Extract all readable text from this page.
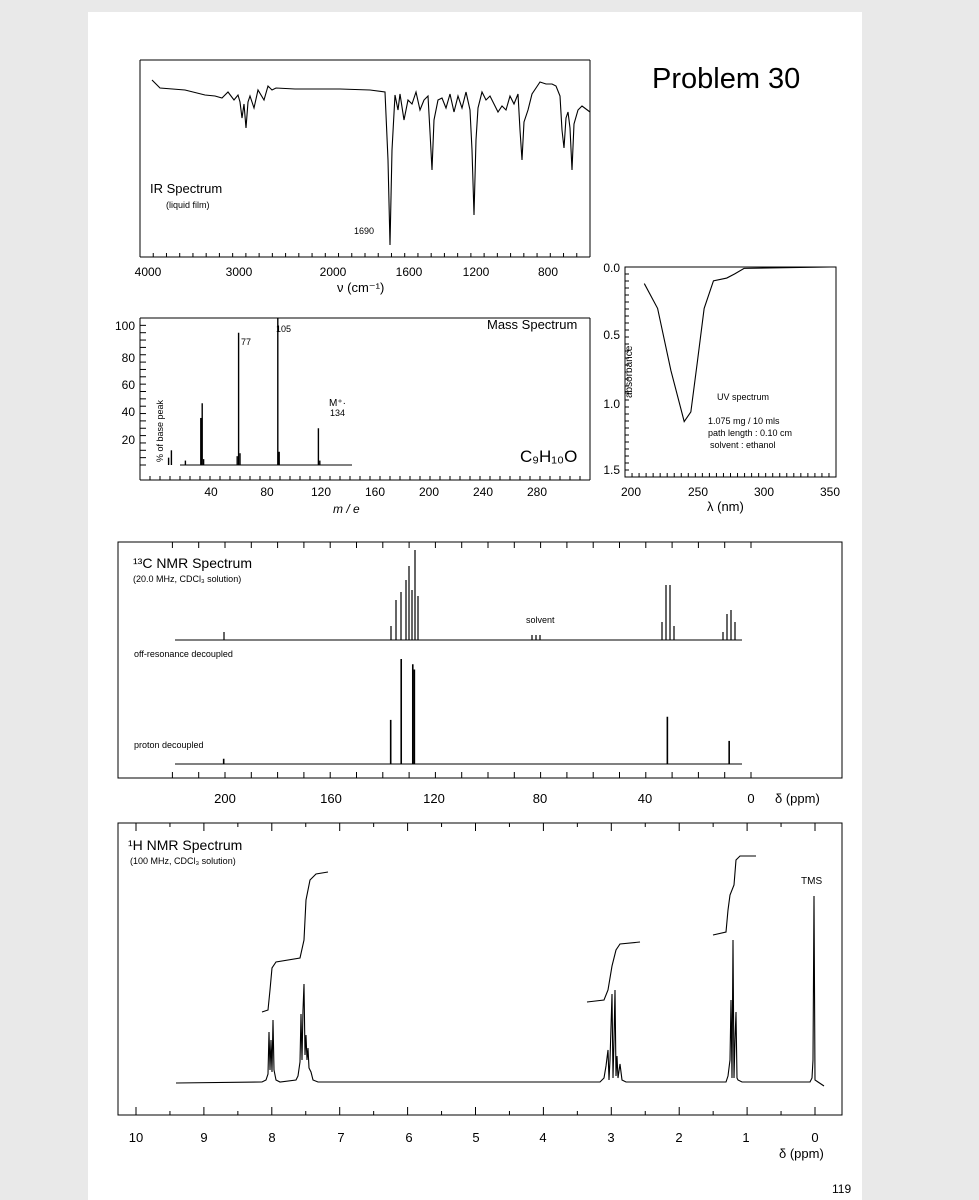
Problem 30
IR Spectrum
(liquid film)
1690
4000	3000	2000	1600	1200	800
ν (cm⁻¹)
Mass Spectrum
C₉H₁₀O
77
105
M⁺·
134
% of base peak
100
80
60
40
20
40	80	120	160	200	240	280
m / e
0.0
0.5
1.0
1.5
absorbance	UV spectrum
1.075 mg / 10 mls
path length : 0.10 cm
solvent : ethanol
200	250	300	350
λ (nm)
¹³C NMR Spectrum
(20.0 MHz, CDCl₃ solution)
off-resonance decoupled
proton decoupled
solvent
200	160	120	80	40	0 δ (ppm)
¹H NMR Spectrum
(100 MHz, CDCl₃ solution)
TMS
10	9	8	7	6	5	4	3	2	1	0
δ (ppm)
119
